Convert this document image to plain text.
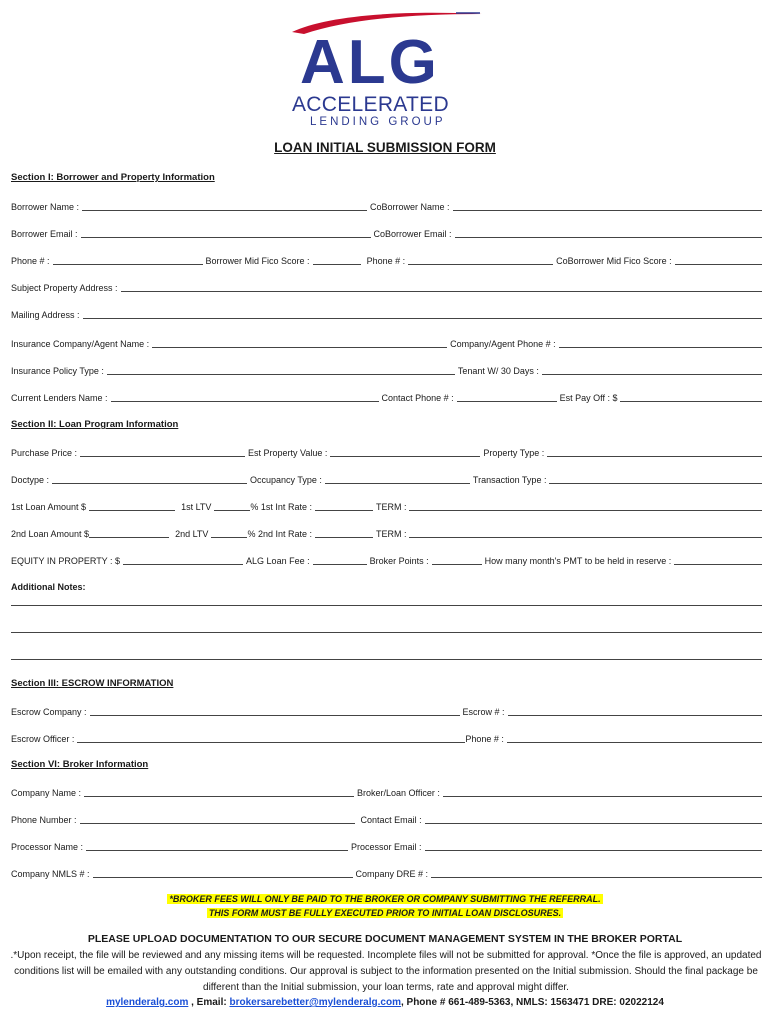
ALG
ACCELERATED
LENDING GROUP
LOAN INITIAL SUBMISSION FORM
Section I: Borrower and Property Information
Borrower Name :	CoBorrower Name :
Borrower Email :	CoBorrower Email :
Phone # :	Borrower Mid Fico Score :	Phone # :	CoBorrower Mid Fico Score :
Subject Property Address :
Mailing Address :
Insurance Company/Agent Name :	Company/Agent Phone # :
Insurance Policy Type :	Tenant W/ 30 Days :
Current Lenders Name :	Contact Phone # :	Est Pay Off : $
Section II: Loan Program Information
Purchase Price :	Est Property Value :	Property Type :
Doctype :	Occupancy Type :	Transaction Type :
1st Loan Amount $	1st LTV	% 1st Int Rate :	TERM :
2nd Loan Amount $	2nd LTV	% 2nd Int Rate :	TERM :
EQUITY IN PROPERTY : $	ALG Loan Fee :	Broker Points :	How many month's PMT to be held in reserve :
Additional Notes:
Section III: ESCROW INFORMATION
Escrow Company :	Escrow # :
Escrow Officer :	Phone # :
Section VI: Broker Information
Company Name :	Broker/Loan Officer :
Phone Number :	Contact Email :
Processor Name :	Processor Email :
Company NMLS # :	Company DRE # :
*BROKER FEES WILL ONLY BE PAID TO THE BROKER OR COMPANY SUBMITTING THE REFERRAL.
THIS FORM MUST BE FULLY EXECUTED PRIOR TO INITIAL LOAN DISCLOSURES.
PLEASE UPLOAD DOCUMENTATION TO OUR SECURE DOCUMENT MANAGEMENT SYSTEM IN THE BROKER PORTAL
.*Upon receipt, the file will be reviewed and any missing items will be requested. Incomplete files will not be submitted for approval. *Once the file is approved, an updated conditions list will be emailed with any outstanding conditions. Our approval is subject to the information presented on the Initial submission. Should the final package be different than the Initial submission, your loan terms, rate and approval might differ.
mylenderalg.com , Email: brokersarebetter@mylenderalg.com, Phone # 661-489-5363, NMLS: 1563471 DRE: 02022124
